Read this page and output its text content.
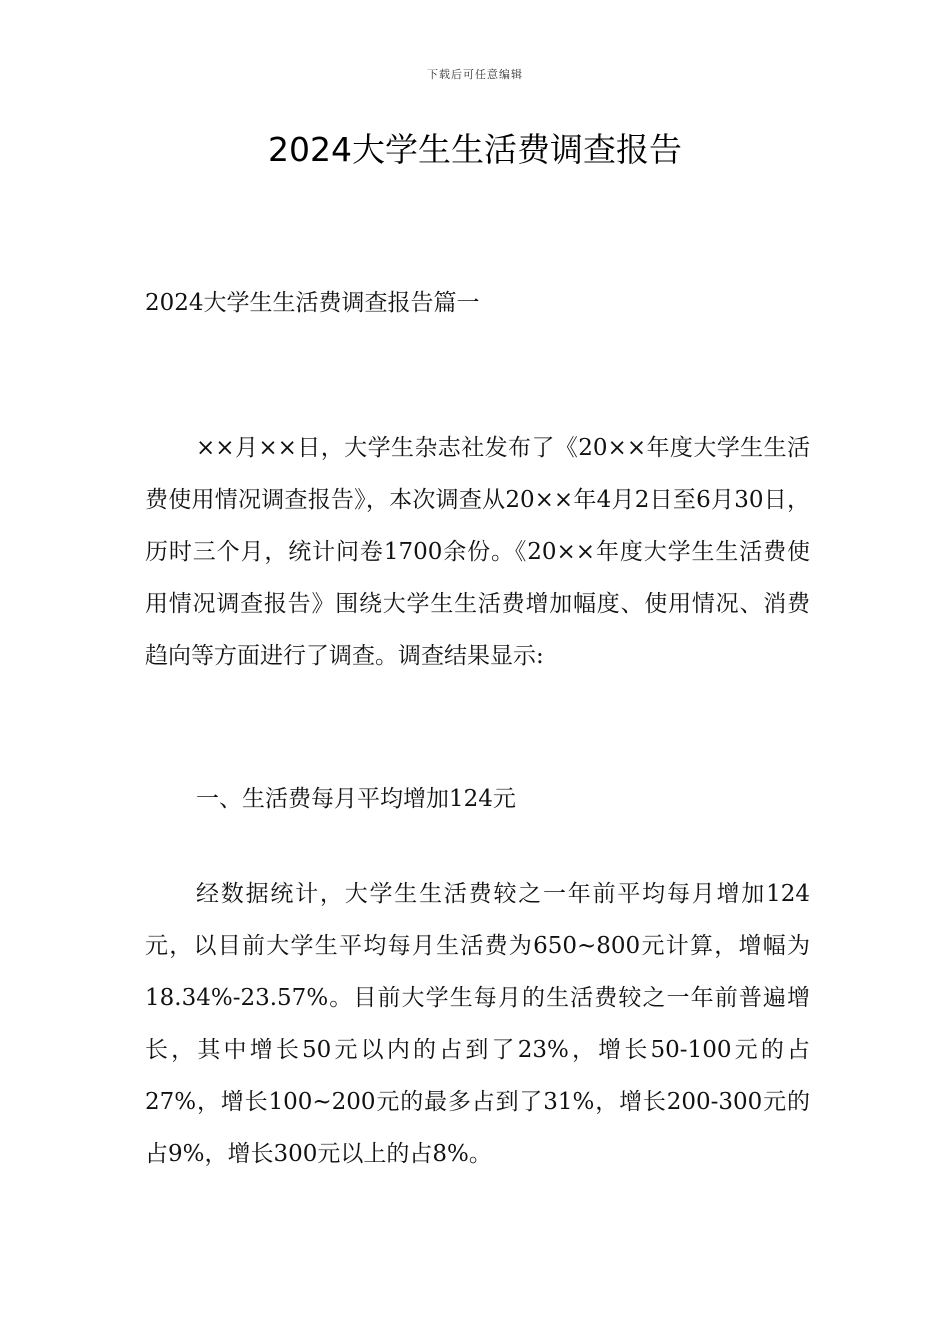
下载后可任意编辑
2024大学生生活费调查报告

2024大学生生活费调查报告篇一

××月××日，大学生杂志社发布了《20××年度大学生生活费使用情况调查报告》，本次调查从20××年4月2日至6月30日，历时三个月，统计问卷1700余份。《20××年度大学生生活费使用情况调查报告》围绕大学生生活费增加幅度、使用情况、消费趋向等方面进行了调查。调查结果显示:

一、生活费每月平均增加124元

经数据统计，大学生生活费较之一年前平均每月增加124元，以目前大学生平均每月生活费为650~800元计算，增幅为18.34%-23.57%。目前大学生每月的生活费较之一年前普遍增长，其中增长50元以内的占到了23%，增长50-100元的占27%，增长100~200元的最多占到了31%，增长200-300元的占9%，增长300元以上的占8%。
